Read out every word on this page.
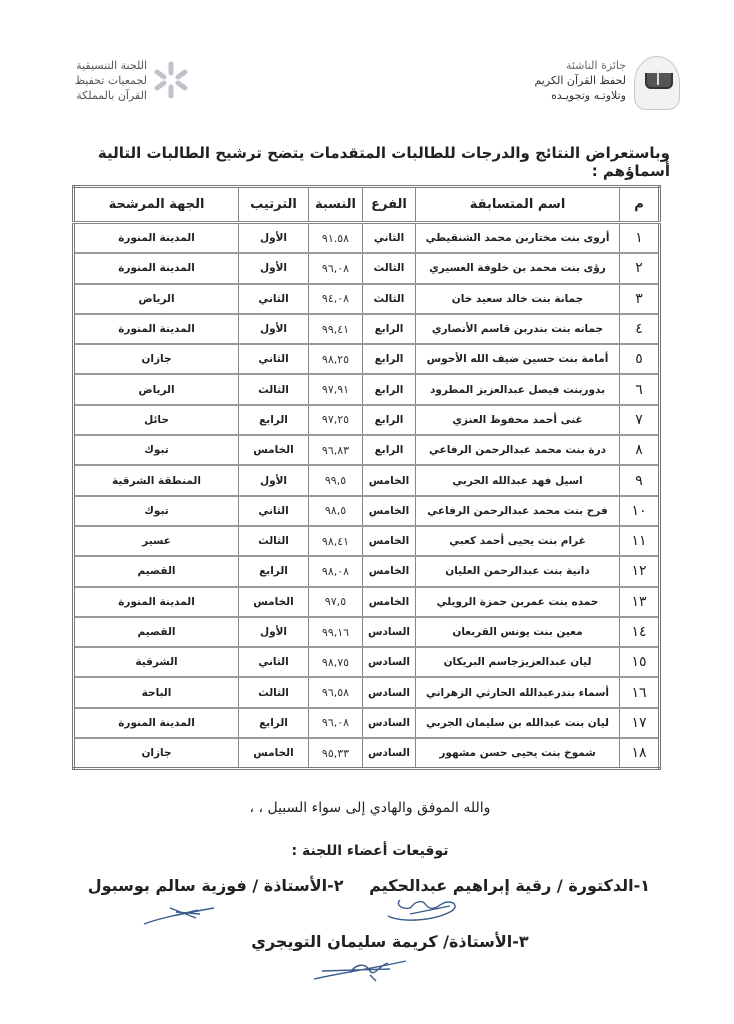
جائزة الناشئة
لحفظ القرآن الكريم
وتلاوتـه وتجويـده
اللجنة التنسيقية
لجمعيات تحفيظ
القرآن بالمملكة
وباستعراض النتائج والدرجات للطالبات المتقدمات يتضح ترشيح الطالبات التالية أسماؤهم :
م	اسم المتسابقة	الفرع	النسبة	الترتيب	الجهة المرشحة
١	أروى بنت مختاربن محمد الشنقيطي	الثاني	٩١.٥٨	الأول	المدينة المنورة
٢	رؤى بنت محمد بن خلوفة العسيري	الثالث	٩٦,٠٨	الأول	المدينة المنورة
٣	جمانة بنت خالد سعيد خان	الثالث	٩٤,٠٨	الثاني	الرياض
٤	جمانه بنت بندربن قاسم الأنصاري	الرابع	٩٩,٤١	الأول	المدينة المنورة
٥	أمامة بنت حسين ضيف الله الأحوس	الرابع	٩٨,٢٥	الثاني	جازان
٦	بدوربنت فيصل عبدالعزيز المطرود	الرابع	٩٧,٩١	الثالث	الرياض
٧	غنى أحمد محفوظ العنزي	الرابع	٩٧,٢٥	الرابع	حائل
٨	درة بنت محمد عبدالرحمن الرفاعي	الرابع	٩٦,٨٣	الخامس	تبوك
٩	اسيل فهد عبدالله الحربي	الخامس	٩٩,٥	الأول	المنطقة الشرقية
١٠	فرح بنت محمد عبدالرحمن الرفاعي	الخامس	٩٨,٥	الثاني	تبوك
١١	غرام بنت يحيى أحمد كعبي	الخامس	٩٨,٤١	الثالث	عسير
١٢	دانية بنت عبدالرحمن العليان	الخامس	٩٨,٠٨	الرابع	القصيم
١٣	حمده بنت عمربن حمزة الرويلي	الخامس	٩٧,٥	الخامس	المدينة المنورة
١٤	معين بنت يونس القربعان	السادس	٩٩,١٦	الأول	القصيم
١٥	ليان عبدالعزيزجاسم البريكان	السادس	٩٨,٧٥	الثاني	الشرقية
١٦	أسماء بندرعبدالله الحارثي الزهراني	السادس	٩٦,٥٨	الثالث	الباحة
١٧	ليان بنت عبدالله بن سليمان الجربي	السادس	٩٦,٠٨	الرابع	المدينة المنورة
١٨	شموخ بنت يحيى حسن مشهور	السادس	٩٥,٣٣	الخامس	جازان
والله الموفق والهادي إلى سواء السبيل ، ،
توقيعات أعضاء اللجنة :
١-الدكتورة / رقية إبراهيم عبدالحكيم ٢-الأستاذة / فوزية سالم بوسبول
٣-الأستاذة/ كريمة سليمان التويجري
